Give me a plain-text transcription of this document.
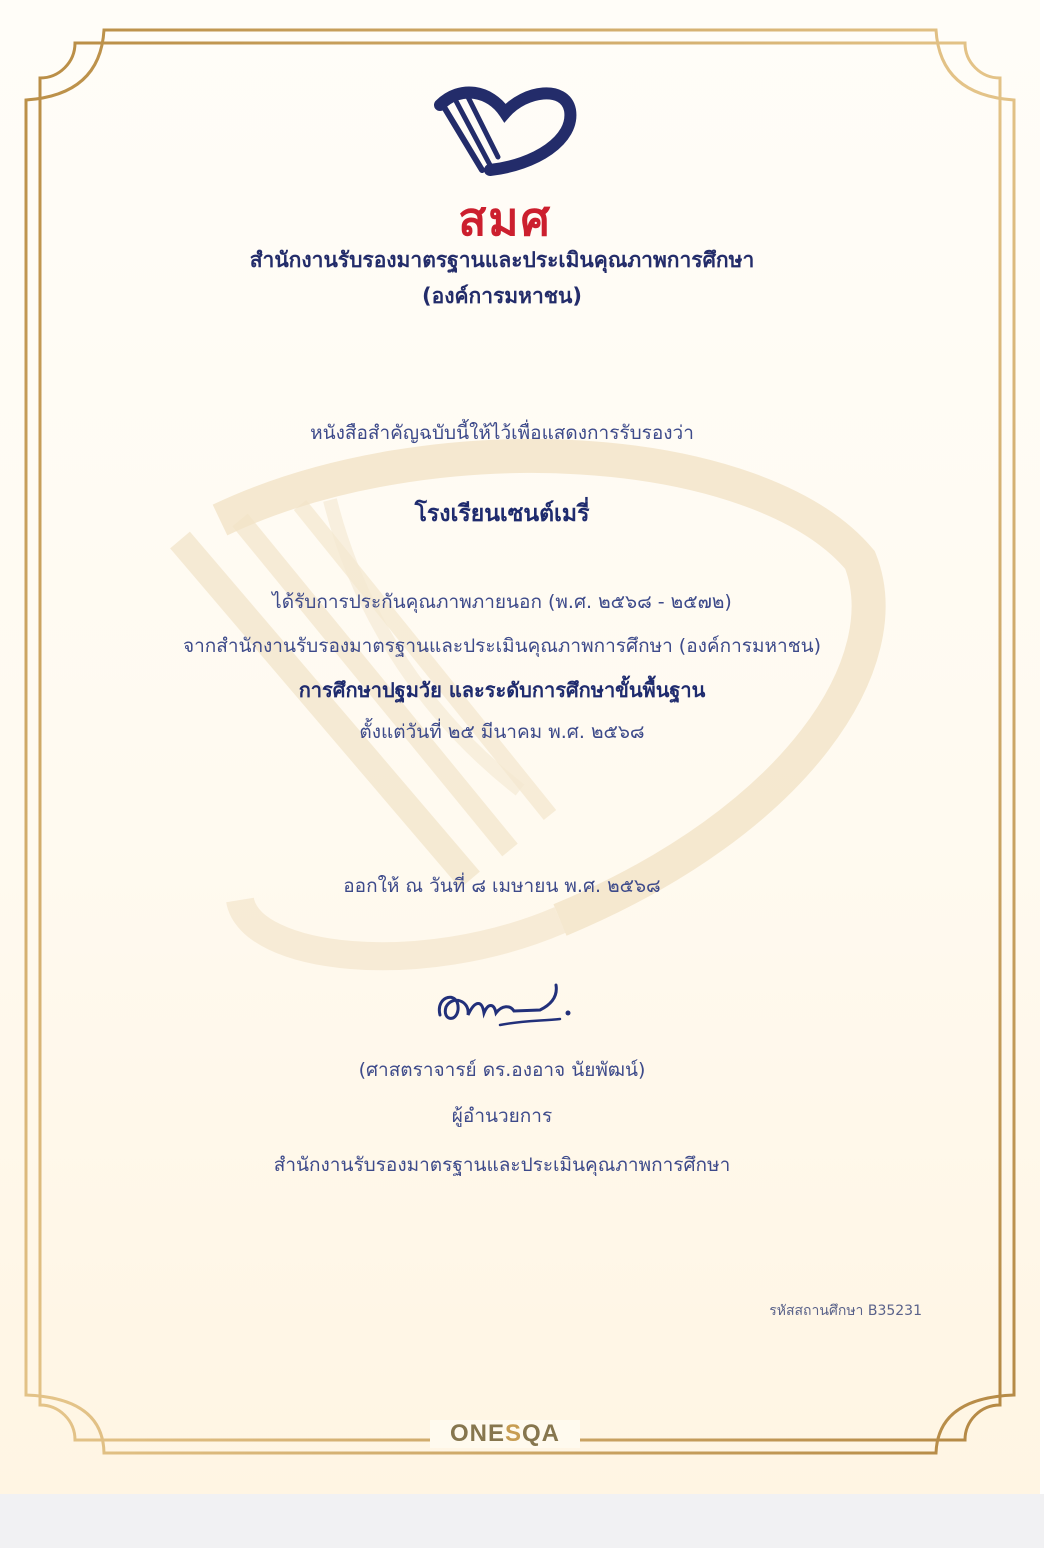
สมศ

สำนักงานรับรองมาตรฐานและประเมินคุณภาพการศึกษา

(องค์การมหาชน)

หนังสือสำคัญฉบับนี้ให้ไว้เพื่อแสดงการรับรองว่า

โรงเรียนเซนต์เมรี่

ได้รับการประกันคุณภาพภายนอก (พ.ศ. ๒๕๖๘ - ๒๕๗๒)

จากสำนักงานรับรองมาตรฐานและประเมินคุณภาพการศึกษา (องค์การมหาชน)

การศึกษาปฐมวัย และระดับการศึกษาขั้นพื้นฐาน

ตั้งแต่วันที่ ๒๕ มีนาคม พ.ศ. ๒๕๖๘

ออกให้ ณ วันที่ ๘ เมษายน พ.ศ. ๒๕๖๘

(ศาสตราจารย์ ดร.องอาจ นัยพัฒน์)

ผู้อำนวยการ

สำนักงานรับรองมาตรฐานและประเมินคุณภาพการศึกษา

รหัสสถานศึกษา B35231
ONESQA
